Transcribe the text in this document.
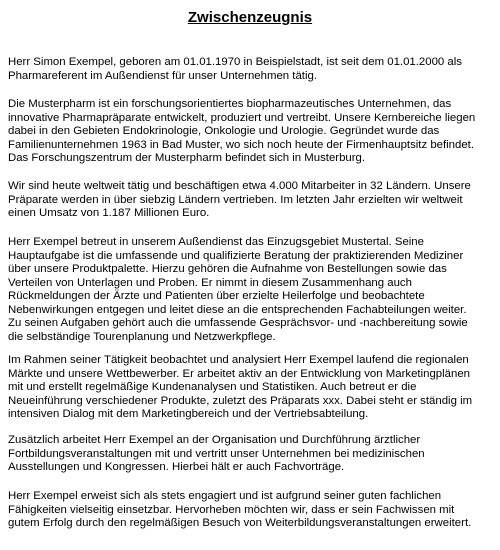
Zwischenzeugnis
Herr Simon Exempel, geboren am 01.01.1970 in Beispielstadt, ist seit dem 01.01.2000 als
Pharmareferent im Außendienst für unser Unternehmen tätig.
Die Musterpharm ist ein forschungsorientiertes biopharmazeutisches Unternehmen, das
innovative Pharmapräparate entwickelt, produziert und vertreibt. Unsere Kernbereiche liegen
dabei in den Gebieten Endokrinologie, Onkologie und Urologie. Gegründet wurde das
Familienunternehmen 1963 in Bad Muster, wo sich noch heute der Firmenhauptsitz befindet.
Das Forschungszentrum der Musterpharm befindet sich in Musterburg.
Wir sind heute weltweit tätig und beschäftigen etwa 4.000 Mitarbeiter in 32 Ländern. Unsere
Präparate werden in über siebzig Ländern vertrieben. Im letzten Jahr erzielten wir weltweit
einen Umsatz von 1.187 Millionen Euro.
Herr Exempel betreut in unserem Außendienst das Einzugsgebiet Mustertal. Seine
Hauptaufgabe ist die umfassende und qualifizierte Beratung der praktizierenden Mediziner
über unsere Produktpalette. Hierzu gehören die Aufnahme von Bestellungen sowie das
Verteilen von Unterlagen und Proben. Er nimmt in diesem Zusammenhang auch
Rückmeldungen der Ärzte und Patienten über erzielte Heilerfolge und beobachtete
Nebenwirkungen entgegen und leitet diese an die entsprechenden Fachabteilungen weiter.
Zu seinen Aufgaben gehört auch die umfassende Gesprächsvor- und -nachbereitung sowie
die selbständige Tourenplanung und Netzwerkpflege.
Im Rahmen seiner Tätigkeit beobachtet und analysiert Herr Exempel laufend die regionalen
Märkte und unsere Wettbewerber. Er arbeitet aktiv an der Entwicklung von Marketingplänen
mit und erstellt regelmäßige Kundenanalysen und Statistiken. Auch betreut er die
Neueinführung verschiedener Produkte, zuletzt des Präparats xxx. Dabei steht er ständig im
intensiven Dialog mit dem Marketingbereich und der Vertriebsabteilung.
Zusätzlich arbeitet Herr Exempel an der Organisation und Durchführung ärztlicher
Fortbildungsveranstaltungen mit und vertritt unser Unternehmen bei medizinischen
Ausstellungen und Kongressen. Hierbei hält er auch Fachvorträge.
Herr Exempel erweist sich als stets engagiert und ist aufgrund seiner guten fachlichen
Fähigkeiten vielseitig einsetzbar. Hervorheben möchten wir, dass er sein Fachwissen mit
gutem Erfolg durch den regelmäßigen Besuch von Weiterbildungsveranstaltungen erweitert.
